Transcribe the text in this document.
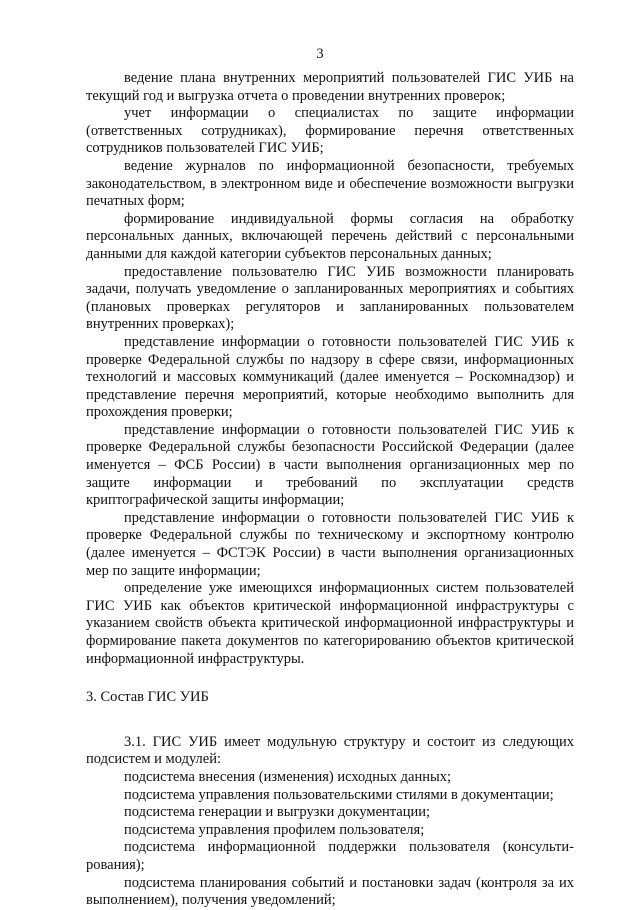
3

ведение плана внутренних мероприятий пользователей ГИС УИБ на текущий год и выгрузка отчета о проведении внутренних проверок;

учет информации о специалистах по защите информации (ответственных сотрудниках), формирование перечня ответственных сотрудников пользователей ГИС УИБ;

ведение журналов по информационной безопасности, требуемых законодательством, в электронном виде и обеспечение возможности выгрузки печатных форм;

формирование индивидуальной формы согласия на обработку персональных данных, включающей перечень действий с персональными данными для каждой категории субъектов персональных данных;

предоставление пользователю ГИС УИБ возможности планировать задачи, получать уведомление о запланированных мероприятиях и событиях (плановых проверках регуляторов и запланированных пользователем внутренних проверках);

представление информации о готовности пользователей ГИС УИБ к проверке Федеральной службы по надзору в сфере связи, информационных технологий и массовых коммуникаций (далее именуется – Роскомнадзор) и представление перечня мероприятий, которые необходимо выполнить для прохождения проверки;

представление информации о готовности пользователей ГИС УИБ к проверке Федеральной службы безопасности Российской Федерации (далее именуется – ФСБ России) в части выполнения организационных мер по защите информации и требований по эксплуатации средств криптографической защиты информации;

представление информации о готовности пользователей ГИС УИБ к проверке Федеральной службы по техническому и экспортному контролю (далее именуется – ФСТЭК России) в части выполнения организационных мер по защите информации;

определение уже имеющихся информационных систем пользователей ГИС УИБ как объектов критической информационной инфраструктуры с указанием свойств объекта критической информационной инфраструктуры и формирование пакета документов по категорированию объектов критической информационной инфраструктуры.

3. Состав ГИС УИБ

3.1. ГИС УИБ имеет модульную структуру и состоит из следующих подсистем и модулей:

подсистема внесения (изменения) исходных данных;

подсистема управления пользовательскими стилями в документации;

подсистема генерации и выгрузки документации;

подсистема управления профилем пользователя;

подсистема информационной поддержки пользователя (консультирования);

подсистема планирования событий и постановки задач (контроля за их выполнением), получения уведомлений;
